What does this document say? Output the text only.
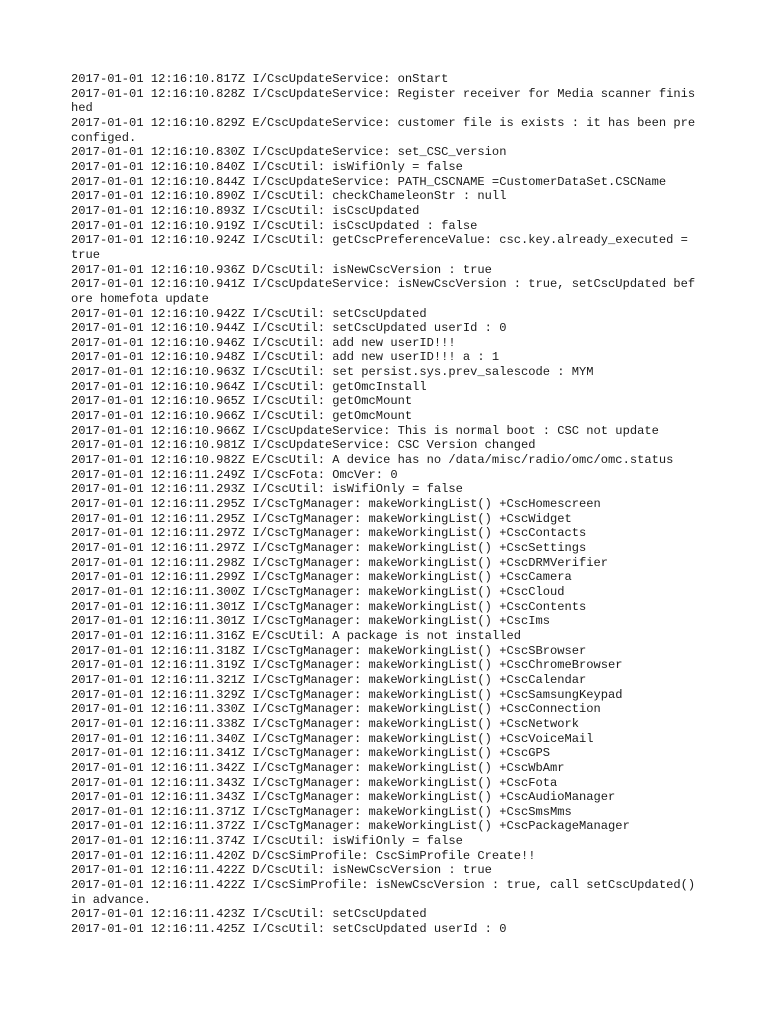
2017-01-01 12:16:10.817Z I/CscUpdateService: onStart
2017-01-01 12:16:10.828Z I/CscUpdateService: Register receiver for Media scanner finished
2017-01-01 12:16:10.829Z E/CscUpdateService: customer file is exists : it has been preconfiged.
2017-01-01 12:16:10.830Z I/CscUpdateService: set_CSC_version
2017-01-01 12:16:10.840Z I/CscUtil: isWifiOnly = false
2017-01-01 12:16:10.844Z I/CscUpdateService: PATH_CSCNAME =CustomerDataSet.CSCName
2017-01-01 12:16:10.890Z I/CscUtil: checkChameleonStr : null
2017-01-01 12:16:10.893Z I/CscUtil: isCscUpdated
2017-01-01 12:16:10.919Z I/CscUtil: isCscUpdated : false
2017-01-01 12:16:10.924Z I/CscUtil: getCscPreferenceValue: csc.key.already_executed = true
2017-01-01 12:16:10.936Z D/CscUtil: isNewCscVersion : true
2017-01-01 12:16:10.941Z I/CscUpdateService: isNewCscVersion : true, setCscUpdated before homefota update
2017-01-01 12:16:10.942Z I/CscUtil: setCscUpdated
2017-01-01 12:16:10.944Z I/CscUtil: setCscUpdated userId : 0
2017-01-01 12:16:10.946Z I/CscUtil: add new userID!!!
2017-01-01 12:16:10.948Z I/CscUtil: add new userID!!! a : 1
2017-01-01 12:16:10.963Z I/CscUtil: set persist.sys.prev_salescode : MYM
2017-01-01 12:16:10.964Z I/CscUtil: getOmcInstall
2017-01-01 12:16:10.965Z I/CscUtil: getOmcMount
2017-01-01 12:16:10.966Z I/CscUtil: getOmcMount
2017-01-01 12:16:10.966Z I/CscUpdateService: This is normal boot : CSC not update
2017-01-01 12:16:10.981Z I/CscUpdateService: CSC Version changed
2017-01-01 12:16:10.982Z E/CscUtil: A device has no /data/misc/radio/omc/omc.status
2017-01-01 12:16:11.249Z I/CscFota: OmcVer: 0
2017-01-01 12:16:11.293Z I/CscUtil: isWifiOnly = false
2017-01-01 12:16:11.295Z I/CscTgManager: makeWorkingList() +CscHomescreen
2017-01-01 12:16:11.295Z I/CscTgManager: makeWorkingList() +CscWidget
2017-01-01 12:16:11.297Z I/CscTgManager: makeWorkingList() +CscContacts
2017-01-01 12:16:11.297Z I/CscTgManager: makeWorkingList() +CscSettings
2017-01-01 12:16:11.298Z I/CscTgManager: makeWorkingList() +CscDRMVerifier
2017-01-01 12:16:11.299Z I/CscTgManager: makeWorkingList() +CscCamera
2017-01-01 12:16:11.300Z I/CscTgManager: makeWorkingList() +CscCloud
2017-01-01 12:16:11.301Z I/CscTgManager: makeWorkingList() +CscContents
2017-01-01 12:16:11.301Z I/CscTgManager: makeWorkingList() +CscIms
2017-01-01 12:16:11.316Z E/CscUtil: A package is not installed
2017-01-01 12:16:11.318Z I/CscTgManager: makeWorkingList() +CscSBrowser
2017-01-01 12:16:11.319Z I/CscTgManager: makeWorkingList() +CscChromeBrowser
2017-01-01 12:16:11.321Z I/CscTgManager: makeWorkingList() +CscCalendar
2017-01-01 12:16:11.329Z I/CscTgManager: makeWorkingList() +CscSamsungKeypad
2017-01-01 12:16:11.330Z I/CscTgManager: makeWorkingList() +CscConnection
2017-01-01 12:16:11.338Z I/CscTgManager: makeWorkingList() +CscNetwork
2017-01-01 12:16:11.340Z I/CscTgManager: makeWorkingList() +CscVoiceMail
2017-01-01 12:16:11.341Z I/CscTgManager: makeWorkingList() +CscGPS
2017-01-01 12:16:11.342Z I/CscTgManager: makeWorkingList() +CscWbAmr
2017-01-01 12:16:11.343Z I/CscTgManager: makeWorkingList() +CscFota
2017-01-01 12:16:11.343Z I/CscTgManager: makeWorkingList() +CscAudioManager
2017-01-01 12:16:11.371Z I/CscTgManager: makeWorkingList() +CscSmsMms
2017-01-01 12:16:11.372Z I/CscTgManager: makeWorkingList() +CscPackageManager
2017-01-01 12:16:11.374Z I/CscUtil: isWifiOnly = false
2017-01-01 12:16:11.420Z D/CscSimProfile: CscSimProfile Create!!
2017-01-01 12:16:11.422Z D/CscUtil: isNewCscVersion : true
2017-01-01 12:16:11.422Z I/CscSimProfile: isNewCscVersion : true, call setCscUpdated() in advance.
2017-01-01 12:16:11.423Z I/CscUtil: setCscUpdated
2017-01-01 12:16:11.425Z I/CscUtil: setCscUpdated userId : 0
